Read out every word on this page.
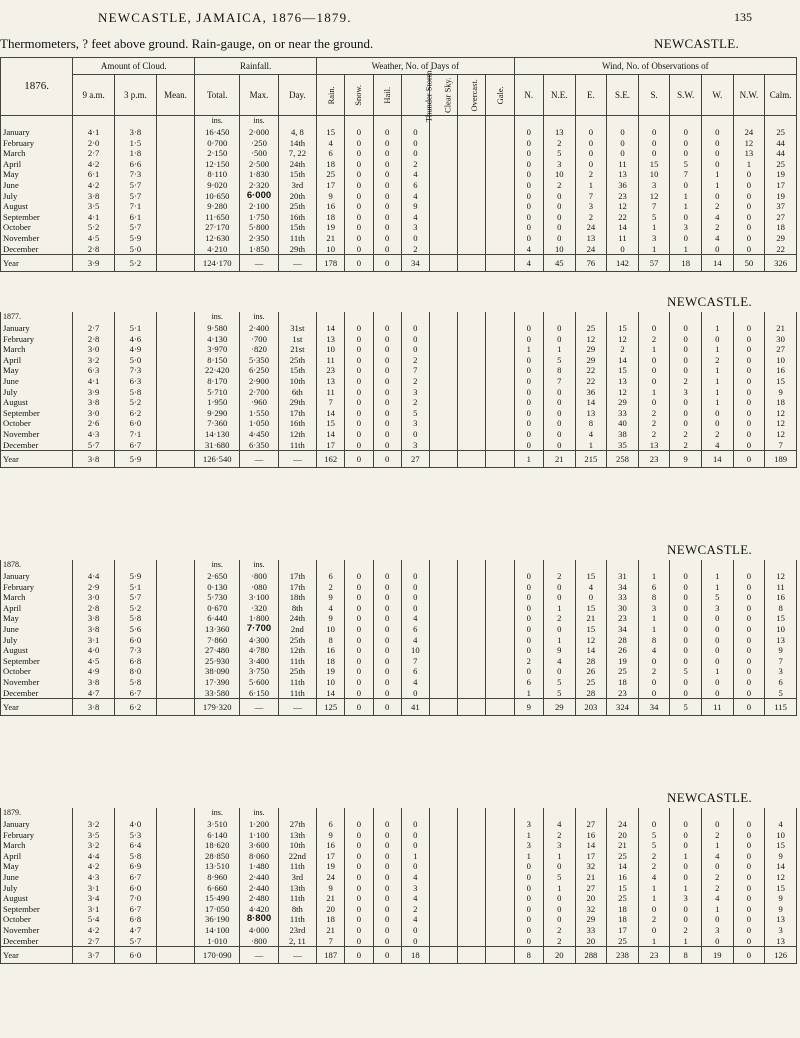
NEWCASTLE, JAMAICA, 1876—1879.	135
Thermometers, ? feet above ground. Rain-gauge, on or near the ground.	NEWCASTLE.
1876.	Amount of Cloud.			Rainfall.			Weather, No. of Days of							Wind, No. of Observations of								
	9 a.m.	3 p.m.	Mean.	Total.	Max.	Day.	Rain.	Snow.	Hail.	Thunder Storm.	Clear Sky.	Overcast.	Gale.	N.	N.E.	E.	S.E.	S.	S.W.	W.	N.W.	Calm.
				ins.	ins.																	
January	4·1	3·8		16·450	2·000	4, 8	15	0	0	0				0	13	0	0	0	0	0	24	25
February	2·0	1·5		0·700	·250	14th	4	0	0	0				0	2	0	0	0	0	0	12	44
March	2·7	1·8		2·150	·500	7, 22	6	0	0	0				0	5	0	0	0	0	0	13	44
April	4·2	6·6		12·150	2·500	24th	18	0	0	2				0	3	0	11	15	5	0	1	25
May	6·1	7·3		8·110	1·830	15th	25	0	0	4				0	10	2	13	10	7	1	0	19
June	4·2	5·7		9·020	2·320	3rd	17	0	0	6				0	2	1	36	3	0	1	0	17
July	3·8	5·7		10·650	6·000	20th	9	0	0	4				0	0	7	23	12	1	0	0	19
August	3·5	7·1		9·280	2·100	25th	16	0	0	9				0	0	3	12	7	1	2	0	37
September	4·1	6·1		11·650	1·750	16th	18	0	0	4				0	0	2	22	5	0	4	0	27
October	5·2	5·7		27·170	5·800	15th	19	0	0	3				0	0	24	14	1	3	2	0	18
November	4·5	5·9		12·630	2·350	11th	21	0	0	0				0	0	13	11	3	0	4	0	29
December	2·8	5·0		4·210	1·850	29th	10	0	0	2				4	10	24	0	1	1	0	0	22
Year	3·9	5·2		124·170	—	—	178	0	0	34				4	45	76	142	57	18	14	50	326
NEWCASTLE.
1877.				ins.	ins.																	
January	2·7	5·1		9·580	2·400	31st	14	0	0	0				0	0	25	15	0	0	1	0	21
February	2·8	4·6		4·130	·700	1st	13	0	0	0				0	0	12	12	2	0	0	0	30
March	3·0	4·9		3·970	·820	21st	10	0	0	0				1	1	29	2	1	0	1	0	27
April	3·2	5·0		8·150	5·350	25th	11	0	0	2				0	5	29	14	0	0	2	0	10
May	6·3	7·3		22·420	6·250	15th	23	0	0	7				0	8	22	15	0	0	1	0	16
June	4·1	6·3		8·170	2·900	10th	13	0	0	2				0	7	22	13	0	2	1	0	15
July	3·9	5·8		5·710	2·700	6th	11	0	0	3				0	0	36	12	1	3	1	0	9
August	3·8	5·2		1·950	·960	29th	7	0	0	2				0	0	14	29	0	0	1	0	18
September	3·0	6·2		9·290	1·550	17th	14	0	0	5				0	0	13	33	2	0	0	0	12
October	2·6	6·0		7·360	1·050	16th	15	0	0	3				0	0	8	40	2	0	0	0	12
November	4·3	7·1		14·130	4·450	12th	14	0	0	0				0	0	4	38	2	2	2	0	12
December	5·7	6·7		31·680	6·350	11th	17	0	0	3				0	0	1	35	13	2	4	0	7
Year	3·8	5·9		126·540	—	—	162	0	0	27				1	21	215	258	23	9	14	0	189
NEWCASTLE.
1878.				ins.	ins.																	
January	4·4	5·9		2·650	·800	17th	6	0	0	0				0	2	15	31	1	0	1	0	12
February	2·9	5·1		0·130	·080	17th	2	0	0	0				0	0	4	34	6	0	1	0	11
March	3·0	5·7		5·730	3·100	18th	9	0	0	0				0	0	0	33	8	0	5	0	16
April	2·8	5·2		0·670	·320	8th	4	0	0	0				0	1	15	30	3	0	3	0	8
May	3·8	5·8		6·440	1·800	24th	9	0	0	4				0	2	21	23	1	0	0	0	15
June	3·8	5·6		13·360	7·700	2nd	10	0	0	6				0	0	15	34	1	0	0	0	10
July	3·1	6·0		7·860	4·300	25th	8	0	0	4				0	1	12	28	8	0	0	0	13
August	4·0	7·3		27·480	4·780	12th	16	0	0	10				0	9	14	26	4	0	0	0	9
September	4·5	6·8		25·930	3·400	11th	18	0	0	7				2	4	28	19	0	0	0	0	7
October	4·9	8·0		38·090	3·750	25th	19	0	0	6				0	0	26	25	2	5	1	0	3
November	3·8	5·8		17·390	5·600	11th	10	0	0	4				6	5	25	18	0	0	0	0	6
December	4·7	6·7		33·580	6·150	11th	14	0	0	0				1	5	28	23	0	0	0	0	5
Year	3·8	6·2		179·320	—	—	125	0	0	41				9	29	203	324	34	5	11	0	115
NEWCASTLE.
1879.				ins.	ins.																	
January	3·2	4·0		3·510	1·200	27th	6	0	0	0				3	4	27	24	0	0	0	0	4
February	3·5	5·3		6·140	1·100	13th	9	0	0	0				1	2	16	20	5	0	2	0	10
March	3·2	6·4		18·620	3·600	10th	16	0	0	0				3	3	14	21	5	0	1	0	15
April	4·4	5·8		28·850	8·060	22nd	17	0	0	1				1	1	17	25	2	1	4	0	9
May	4·2	6·9		13·510	1·480	11th	19	0	0	0				0	0	32	14	2	0	0	0	14
June	4·3	6·7		8·960	2·440	3rd	24	0	0	4				0	5	21	16	4	0	2	0	12
July	3·1	6·0		6·660	2·440	13th	9	0	0	3				0	1	27	15	1	1	2	0	15
August	3·4	7·0		15·490	2·480	11th	21	0	0	4				0	0	20	25	1	3	4	0	9
September	3·1	6·7		17·050	4·420	8th	20	0	0	2				0	0	32	18	0	0	1	0	9
October	5·4	6·8		36·190	8·800	11th	18	0	0	4				0	0	29	18	2	0	0	0	13
November	4·2	4·7		14·100	4·000	23rd	21	0	0	0				0	2	33	17	0	2	3	0	3
December	2·7	5·7		1·010	·800	2, 11	7	0	0	0				0	2	20	25	1	1	0	0	13
Year	3·7	6·0		170·090	—	—	187	0	0	18				8	20	288	238	23	8	19	0	126
